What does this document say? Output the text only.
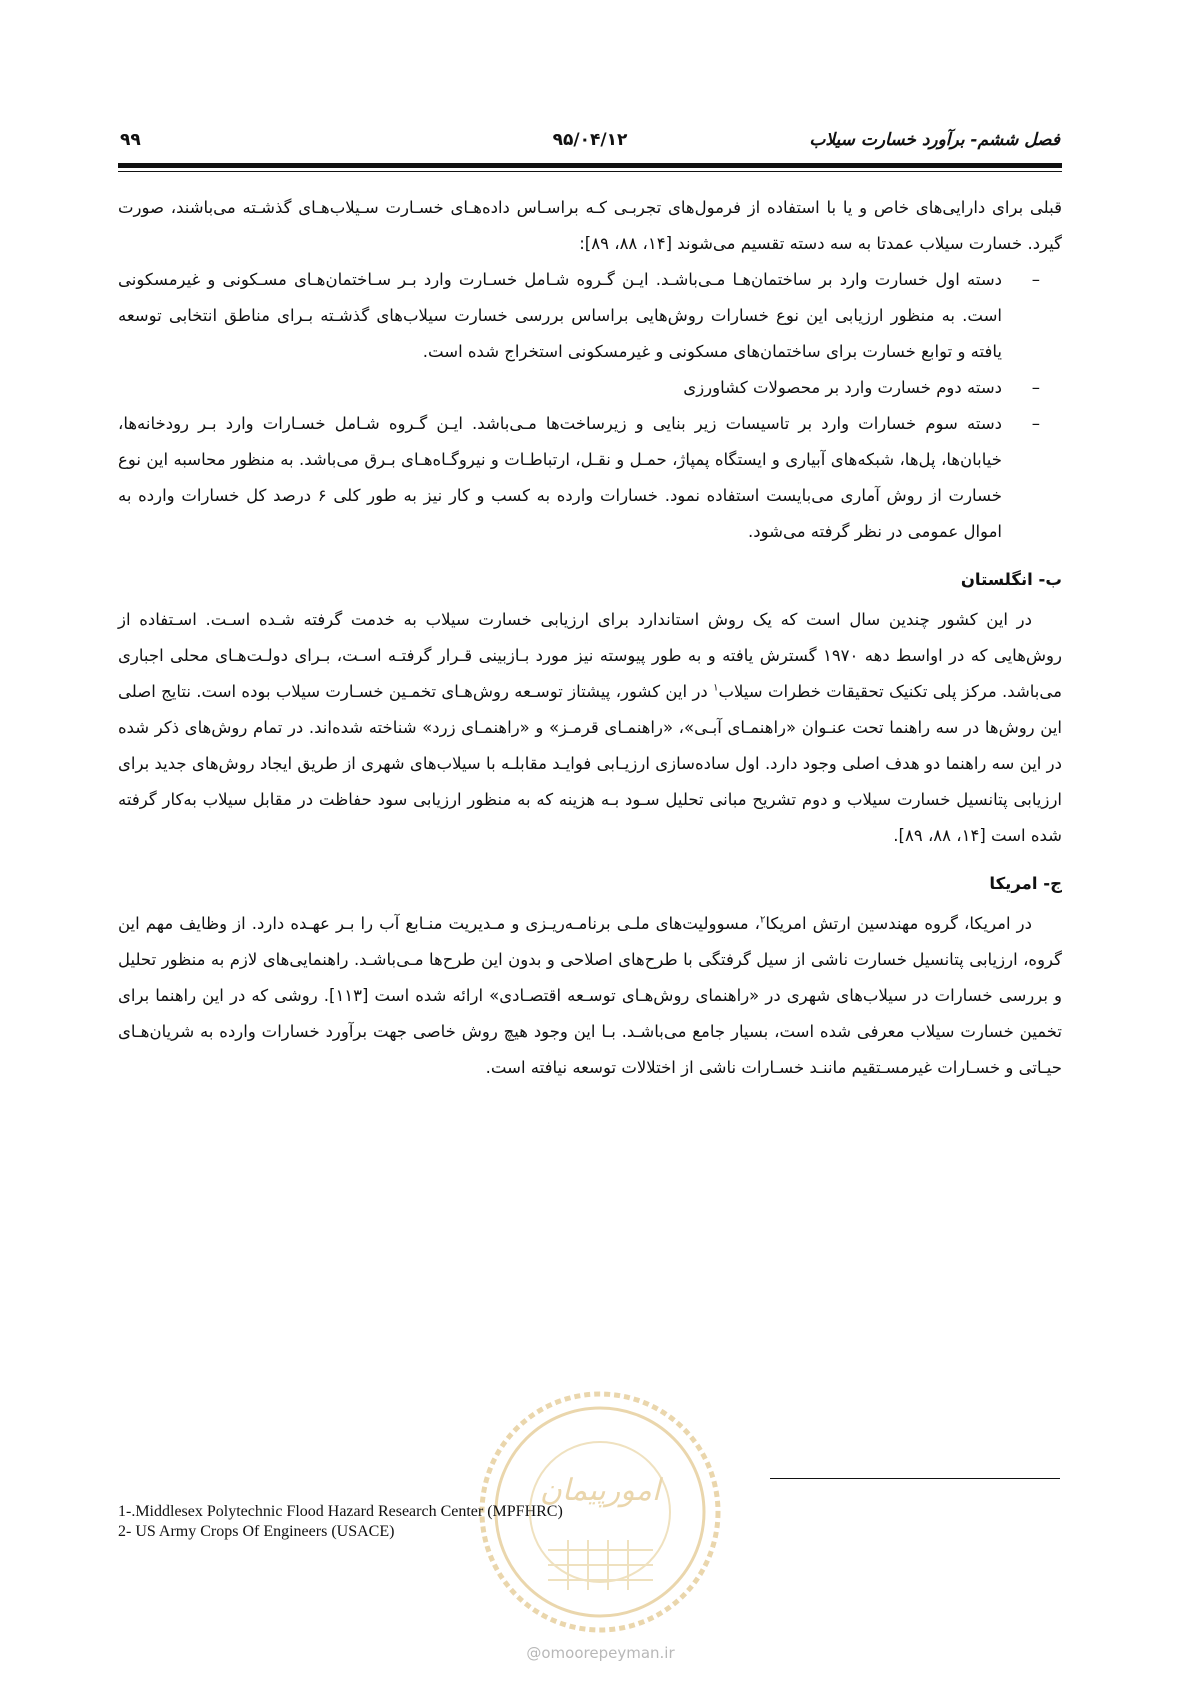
فصل ششم- برآورد خسارت سیلاب
۹۵/۰۴/۱۲
۹۹

قبلی برای دارایی‌های خاص و یا با استفاده از فرمول‌های تجربـی کـه براسـاس داده‌هـای خسـارت سـیلاب‌هـای گذشـته می‌باشند، صورت گیرد. خسارت سیلاب عمدتا به سه دسته تقسیم می‌شوند [۱۴، ۸۸، ۸۹]:

– دسته اول خسارت وارد بر ساختمان‌هـا مـی‌باشـد. ایـن گـروه شـامل خسـارت وارد بـر سـاختمان‌هـای مسـکونی و غیرمسکونی است. به منظور ارزیابی این نوع خسارات روش‌هایی براساس بررسی خسارت سیلاب‌های گذشـته بـرای مناطق انتخابی توسعه یافته و توابع خسارت برای ساختمان‌های مسکونی و غیرمسکونی استخراج شده است.
– دسته دوم خسارت وارد بر محصولات کشاورزی
– دسته سوم خسارات وارد بر تاسیسات زیر بنایی و زیرساخت‌ها مـی‌باشد. ایـن گـروه شـامل خسـارات وارد بـر رودخانه‌ها، خیابان‌ها، پل‌ها، شبکه‌های آبیاری و ایستگاه پمپاژ، حمـل و نقـل، ارتباطـات و نیروگـاه‌هـای بـرق می‌باشد. به منظور محاسبه این نوع خسارت از روش آماری می‌بایست استفاده نمود. خسارات وارده به کسب و کار نیز به طور کلی ۶ درصد کل خسارات وارده به اموال عمومی در نظر گرفته می‌شود.

ب- انگلستان

در این کشور چندین سال است که یک روش استاندارد برای ارزیابی خسارت سیلاب به خدمت گرفته شـده اسـت. اسـتفاده از روش‌هایی که در اواسط دهه ۱۹۷۰ گسترش یافته و به طور پیوسته نیز مورد بـازبینی قـرار گرفتـه اسـت، بـرای دولـت‌هـای محلی اجباری می‌باشد. مرکز پلی تکنیک تحقیقات خطرات سیلاب$^۱$ در این کشور، پیشتاز توسـعه روش‌هـای تخمـین خسـارت سیلاب بوده است. نتایج اصلی این روش‌ها در سه راهنما تحت عنـوان «راهنمـای آبـی»، «راهنمـای قرمـز» و «راهنمـای زرد» شناخته شده‌اند. در تمام روش‌های ذکر شده در این سه راهنما دو هدف اصلی وجود دارد. اول ساده‌سازی ارزیـابی فوایـد مقابلـه با سیلاب‌های شهری از طریق ایجاد روش‌های جدید برای ارزیابی پتانسیل خسارت سیلاب و دوم تشریح مبانی تحلیل سـود بـه هزینه که به منظور ارزیابی سود حفاظت در مقابل سیلاب به‌کار گرفته شده است [۱۴، ۸۸، ۸۹].

ج- امریکا

در امریکا، گروه مهندسین ارتش امریکا$^۲$، مسوولیت‌های ملـی برنامـه‌ریـزی و مـدیریت منـابع آب را بـر عهـده دارد. از وظایف مهم این گروه، ارزیابی پتانسیل خسارت ناشی از سیل گرفتگی با طرح‌های اصلاحی و بدون این طرح‌ها مـی‌باشـد. راهنمایی‌های لازم به منظور تحلیل و بررسی خسارات در سیلاب‌های شهری در «راهنمای روش‌هـای توسـعه اقتصـادی» ارائه شده است [۱۱۳]. روشی که در این راهنما برای تخمین خسارت سیلاب معرفی شده است، بسیار جامع می‌باشـد. بـا این وجود هیچ روش خاصی جهت برآورد خسارات وارده به شریان‌هـای حیـاتی و خسـارات غیرمسـتقیم ماننـد خسـارات ناشی از اختلالات توسعه نیافته است.

امورپیمان
@omoorepeyman.ir
1-.Middlesex Polytechnic Flood Hazard Research Center (MPFHRC)
2- US Army Crops Of Engineers (USACE)
